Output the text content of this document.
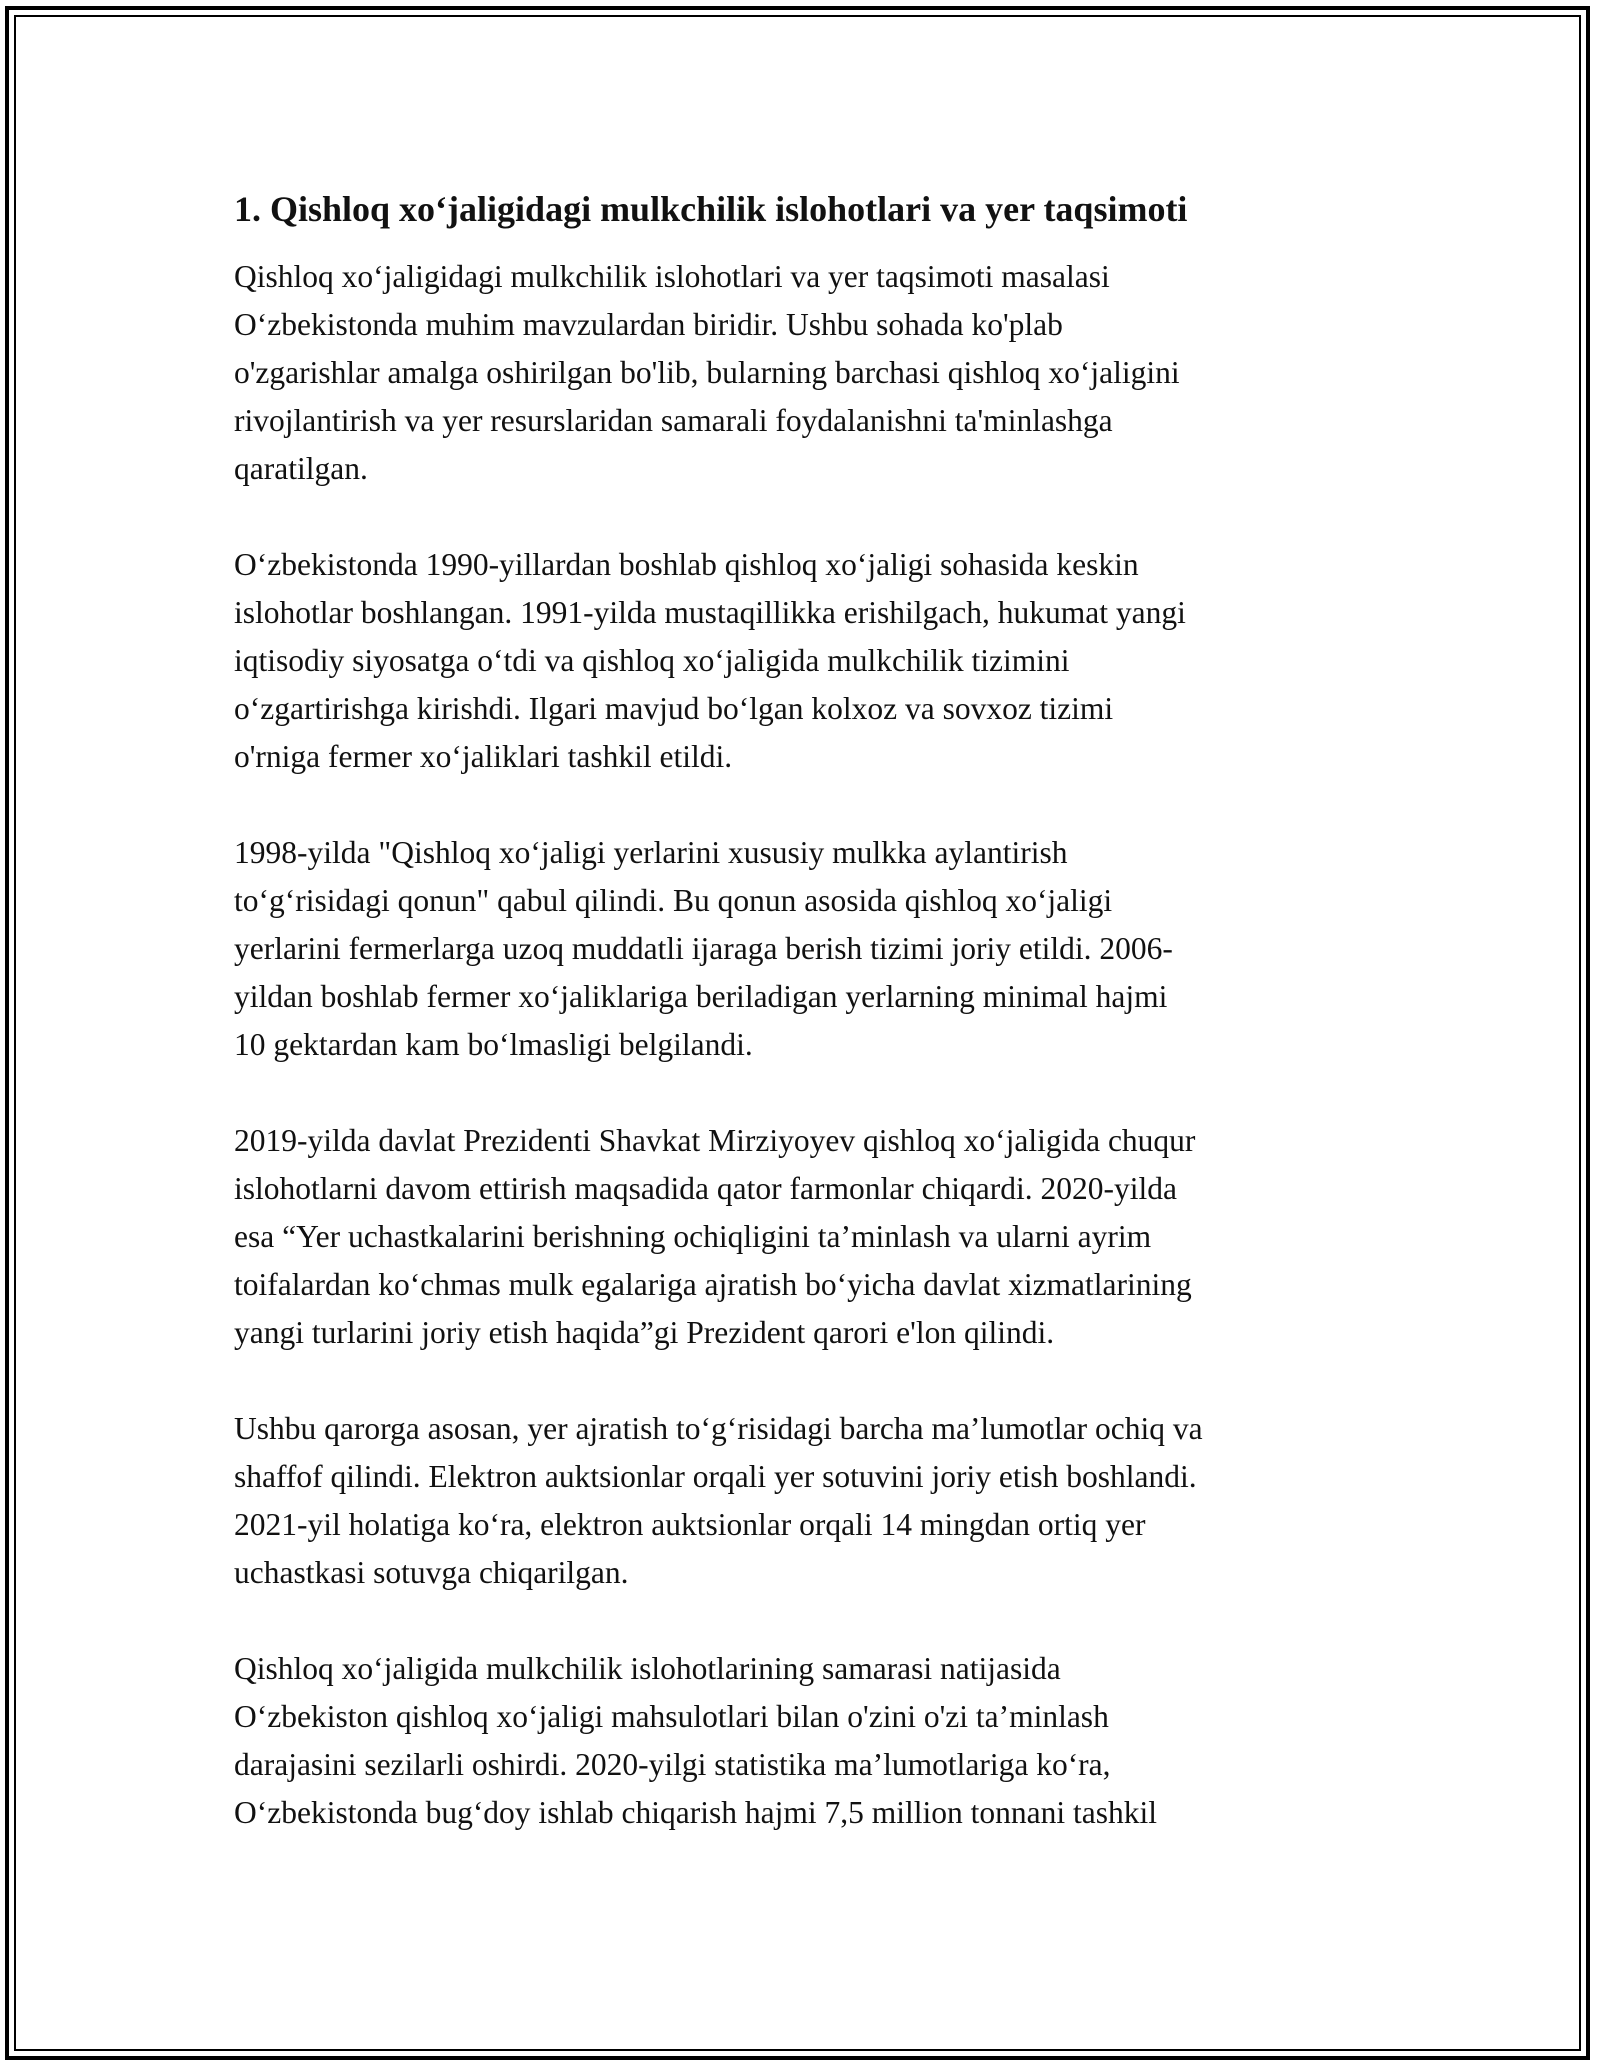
1. Qishloq xo‘jaligidagi mulkchilik islohotlari va yer taqsimoti
Qishloq xo‘jaligidagi mulkchilik islohotlari va yer taqsimoti masalasi
O‘zbekistonda muhim mavzulardan biridir. Ushbu sohada ko'plab
o'zgarishlar amalga oshirilgan bo'lib, bularning barchasi qishloq xo‘jaligini
rivojlantirish va yer resurslaridan samarali foydalanishni ta'minlashga
qaratilgan.
O‘zbekistonda 1990-yillardan boshlab qishloq xo‘jaligi sohasida keskin
islohotlar boshlangan. 1991-yilda mustaqillikka erishilgach, hukumat yangi
iqtisodiy siyosatga o‘tdi va qishloq xo‘jaligida mulkchilik tizimini
o‘zgartirishga kirishdi. Ilgari mavjud bo‘lgan kolxoz va sovxoz tizimi
o'rniga fermer xo‘jaliklari tashkil etildi.
1998-yilda "Qishloq xo‘jaligi yerlarini xususiy mulkka aylantirish
to‘g‘risidagi qonun" qabul qilindi. Bu qonun asosida qishloq xo‘jaligi
yerlarini fermerlarga uzoq muddatli ijaraga berish tizimi joriy etildi. 2006-
yildan boshlab fermer xo‘jaliklariga beriladigan yerlarning minimal hajmi
10 gektardan kam bo‘lmasligi belgilandi.
2019-yilda davlat Prezidenti Shavkat Mirziyoyev qishloq xo‘jaligida chuqur
islohotlarni davom ettirish maqsadida qator farmonlar chiqardi. 2020-yilda
esa “Yer uchastkalarini berishning ochiqligini ta’minlash va ularni ayrim
toifalardan ko‘chmas mulk egalariga ajratish bo‘yicha davlat xizmatlarining
yangi turlarini joriy etish haqida”gi Prezident qarori e'lon qilindi.
Ushbu qarorga asosan, yer ajratish to‘g‘risidagi barcha ma’lumotlar ochiq va
shaffof qilindi. Elektron auktsionlar orqali yer sotuvini joriy etish boshlandi.
2021-yil holatiga ko‘ra, elektron auktsionlar orqali 14 mingdan ortiq yer
uchastkasi sotuvga chiqarilgan.
Qishloq xo‘jaligida mulkchilik islohotlarining samarasi natijasida
O‘zbekiston qishloq xo‘jaligi mahsulotlari bilan o'zini o'zi ta’minlash
darajasini sezilarli oshirdi. 2020-yilgi statistika ma’lumotlariga ko‘ra,
O‘zbekistonda bug‘doy ishlab chiqarish hajmi 7,5 million tonnani tashkil
